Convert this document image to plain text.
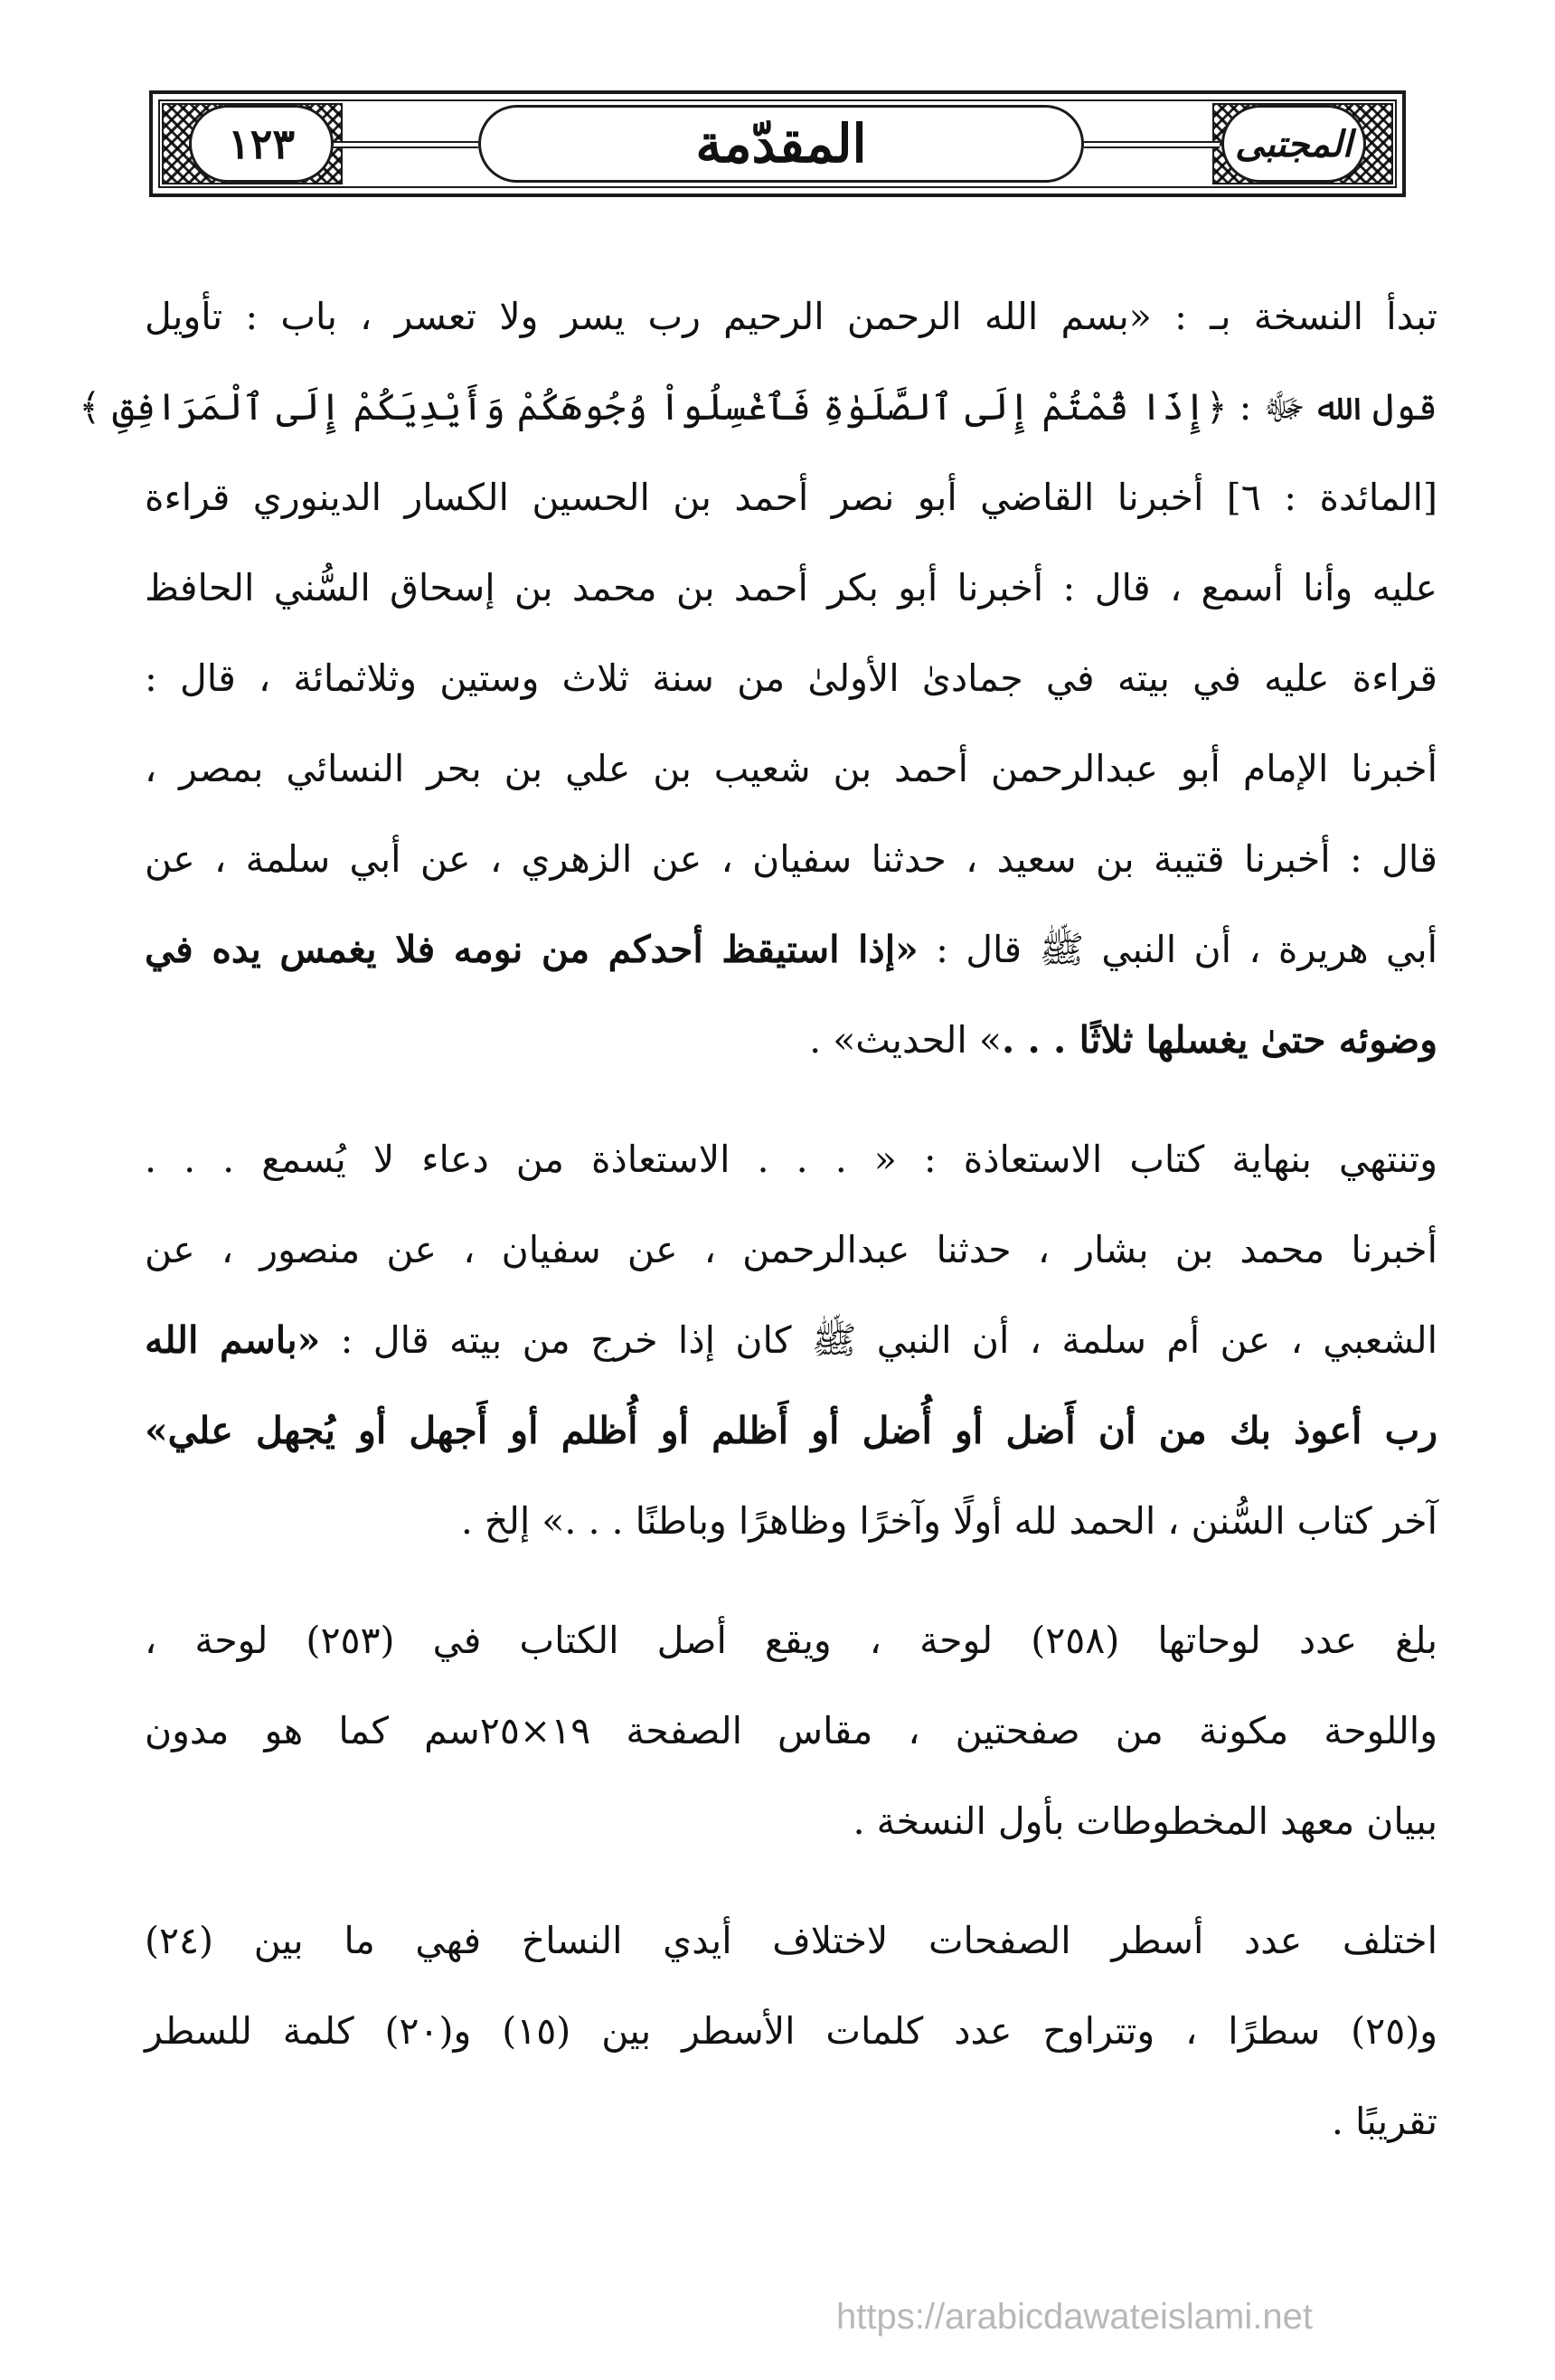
١٢٣	المقدّمة	المجتبى
تبدأ النسخة بـ : «بسم الله الرحمن الرحيم رب يسر ولا تعسر ، باب : تأويل
قول الله ﷻ : ﴿إِذَا قُمْتُمْ إِلَى ٱلصَّلَوٰةِ فَٱغْسِلُواْ وُجُوهَكُمْ وَأَيْدِيَكُمْ إِلَى ٱلْمَرَافِقِ ﴾
[المائدة : ٦] أخبرنا القاضي أبو نصر أحمد بن الحسين الكسار الدينوري قراءة
عليه وأنا أسمع ، قال : أخبرنا أبو بكر أحمد بن محمد بن إسحاق السُّني الحافظ
قراءة عليه في بيته في جمادىٰ الأولىٰ من سنة ثلاث وستين وثلاثمائة ، قال :
أخبرنا الإمام أبو عبدالرحمن أحمد بن شعيب بن علي بن بحر النسائي بمصر ،
قال : أخبرنا قتيبة بن سعيد ، حدثنا سفيان ، عن الزهري ، عن أبي سلمة ، عن
أبي هريرة ، أن النبي ﷺ قال : «إذا استيقظ أحدكم من نومه فلا يغمس يده في
وضوئه حتىٰ يغسلها ثلاثًا . . .» الحديث» .
وتنتهي بنهاية كتاب الاستعاذة : « . . . الاستعاذة من دعاء لا يُسمع . . .
أخبرنا محمد بن بشار ، حدثنا عبدالرحمن ، عن سفيان ، عن منصور ، عن
الشعبي ، عن أم سلمة ، أن النبي ﷺ كان إذا خرج من بيته قال : «باسم الله
رب أعوذ بك من أن أَضل أو أُضل أو أَظلم أو أُظلم أو أَجهل أو يُجهل علي»
آخر كتاب السُّنن ، الحمد لله أولًا وآخرًا وظاهرًا وباطنًا . . .» إلخ .
بلغ عدد لوحاتها (٢٥٨) لوحة ، ويقع أصل الكتاب في (٢٥٣) لوحة ،
واللوحة مكونة من صفحتين ، مقاس الصفحة ١٩×٢٥سم كما هو مدون
ببيان معهد المخطوطات بأول النسخة .
اختلف عدد أسطر الصفحات لاختلاف أيدي النساخ فهي ما بين (٢٤)
و(٢٥) سطرًا ، وتتراوح عدد كلمات الأسطر بين (١٥) و(٢٠) كلمة للسطر
تقريبًا .
https://arabicdawateislami.net
